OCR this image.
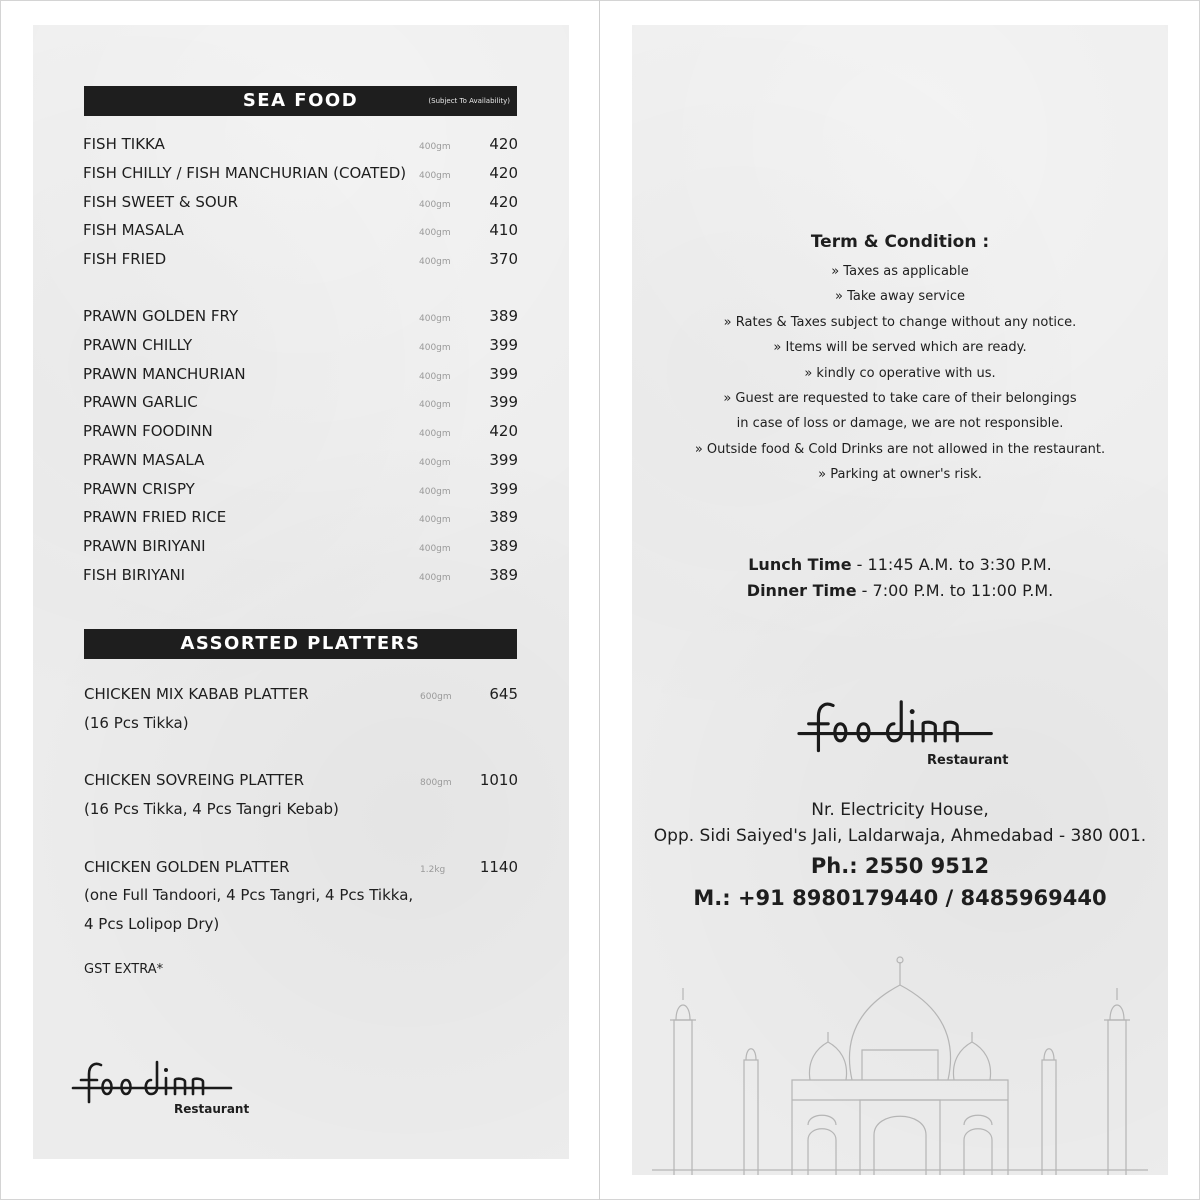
SEA FOOD	(Subject To Availability)
FISH TIKKA	400gm	420
FISH CHILLY / FISH MANCHURIAN (COATED) 400gm	420
FISH SWEET & SOUR	400gm	420
FISH MASALA	400gm	410
FISH FRIED	400gm	370
PRAWN GOLDEN FRY	400gm	389
PRAWN CHILLY	400gm	399
PRAWN MANCHURIAN	400gm	399
PRAWN GARLIC	400gm	399
PRAWN FOODINN	400gm	420
PRAWN MASALA	400gm	399
PRAWN CRISPY	400gm	399
PRAWN FRIED RICE	400gm	389
PRAWN BIRIYANI	400gm	389
FISH BIRIYANI	400gm	389
ASSORTED PLATTERS
CHICKEN MIX KABAB PLATTER	600gm	645
(16 Pcs Tikka)
CHICKEN SOVREING PLATTER	800gm 1010
(16 Pcs Tikka, 4 Pcs Tangri Kebab)
CHICKEN GOLDEN PLATTER	1.2kg 1140
(one Full Tandoori, 4 Pcs Tangri, 4 Pcs Tikka,
4 Pcs Lolipop Dry)
GST EXTRA*
Restaurant
Term & Condition :
» Taxes as applicable
» Take away service
» Rates & Taxes subject to change without any notice.
» Items will be served which are ready.
» kindly co operative with us.
» Guest are requested to take care of their belongings
in case of loss or damage, we are not responsible.
» Outside food & Cold Drinks are not allowed in the restaurant.
» Parking at owner's risk.
Lunch Time - 11:45 A.M. to 3:30 P.M.
Dinner Time - 7:00 P.M. to 11:00 P.M.
Restaurant
Nr. Electricity House,
Opp. Sidi Saiyed's Jali, Laldarwaja, Ahmedabad - 380 001.
Ph.: 2550 9512
M.: +91 8980179440 / 8485969440
